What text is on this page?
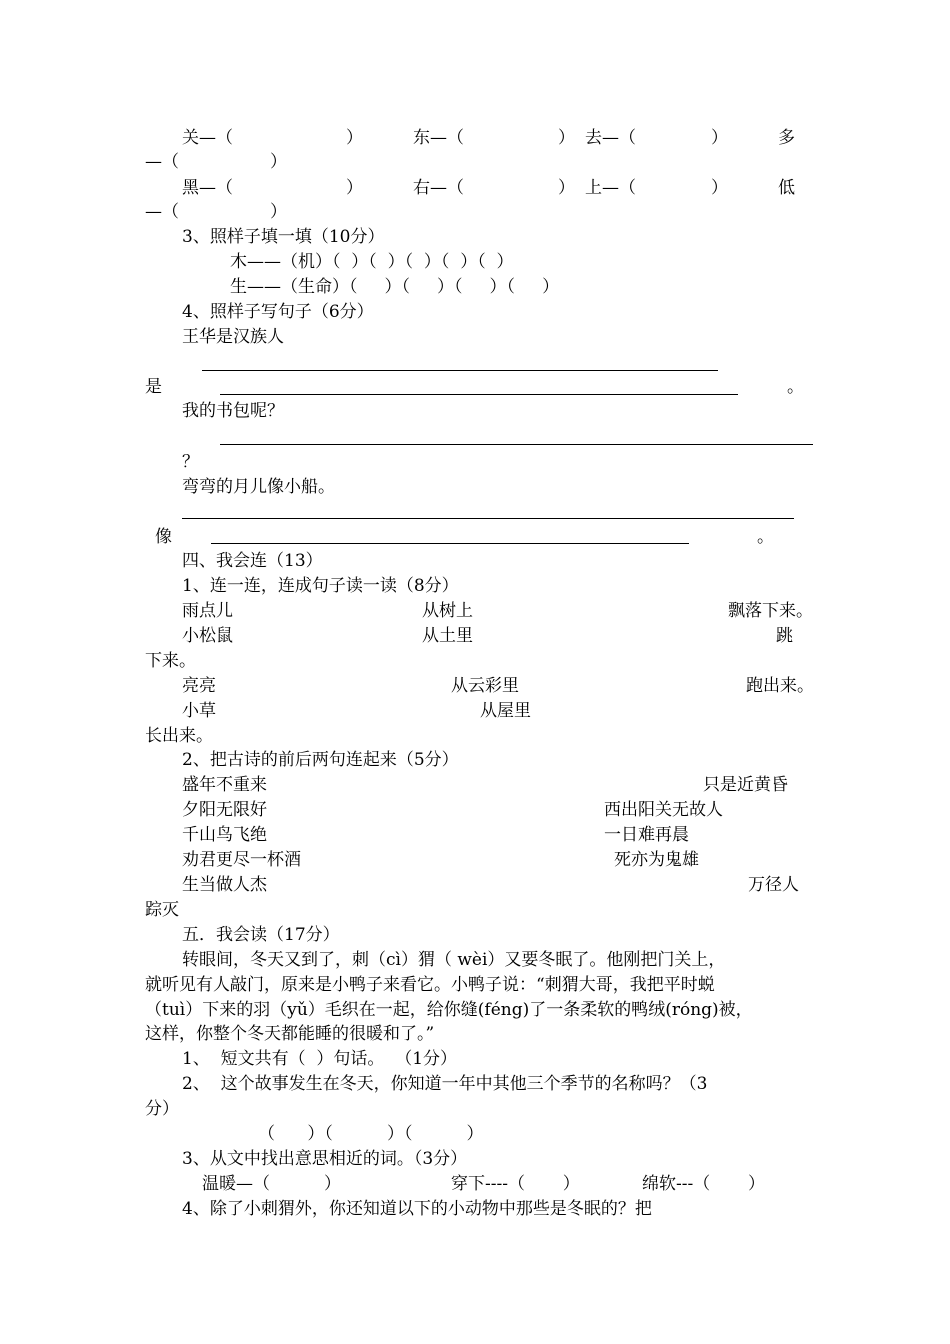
关—（	）	东—（	） 去—（	）	多
—（	）
黑—（	）	右—（	） 上—（	）	低
—（	）
3、照样子填一填（10分）
木——（机）（  ）（  ）（  ）（  ）（  ）
生——（生命）（     ）（     ）（     ）（     ）
4、照样子写句子（6分）
王华是汉族人
是	。
我的书包呢？
？
弯弯的月儿像小船。
像	。
四、我会连（13）
1、连一连，连成句子读一读（8分）
雨点儿	从树上	飘落下来。
小松鼠	从土里	跳
下来。
亮亮	从云彩里	跑出来。
小草	从屋里
长出来。
2、把古诗的前后两句连起来（5分）
盛年不重来	只是近黄昏
夕阳无限好	西出阳关无故人
千山鸟飞绝	一日难再晨
劝君更尽一杯酒	死亦为鬼雄
生当做人杰	万径人
踪灭
五．我会读（17分）
转眼间，冬天又到了，刺（cì）猬（ wèi）又要冬眠了。他刚把门关上，
就听见有人敲门，原来是小鸭子来看它。小鸭子说：“刺猬大哥，我把平时蜕
（tuì）下来的羽（yǔ）毛织在一起，给你缝(féng)了一条柔软的鸭绒(róng)被，
这样，你整个冬天都能睡的很暖和了。”
1、  短文共有（  ）句话。  （1分）
2、  这个故事发生在冬天，你知道一年中其他三个季节的名称吗？（3
分）
（      ）（          ）（          ）
3、从文中找出意思相近的词。（3分）
温暖—（          ）	穿下----（       ）	绵软---（       ）
4、除了小刺猬外，你还知道以下的小动物中那些是冬眠的？把
